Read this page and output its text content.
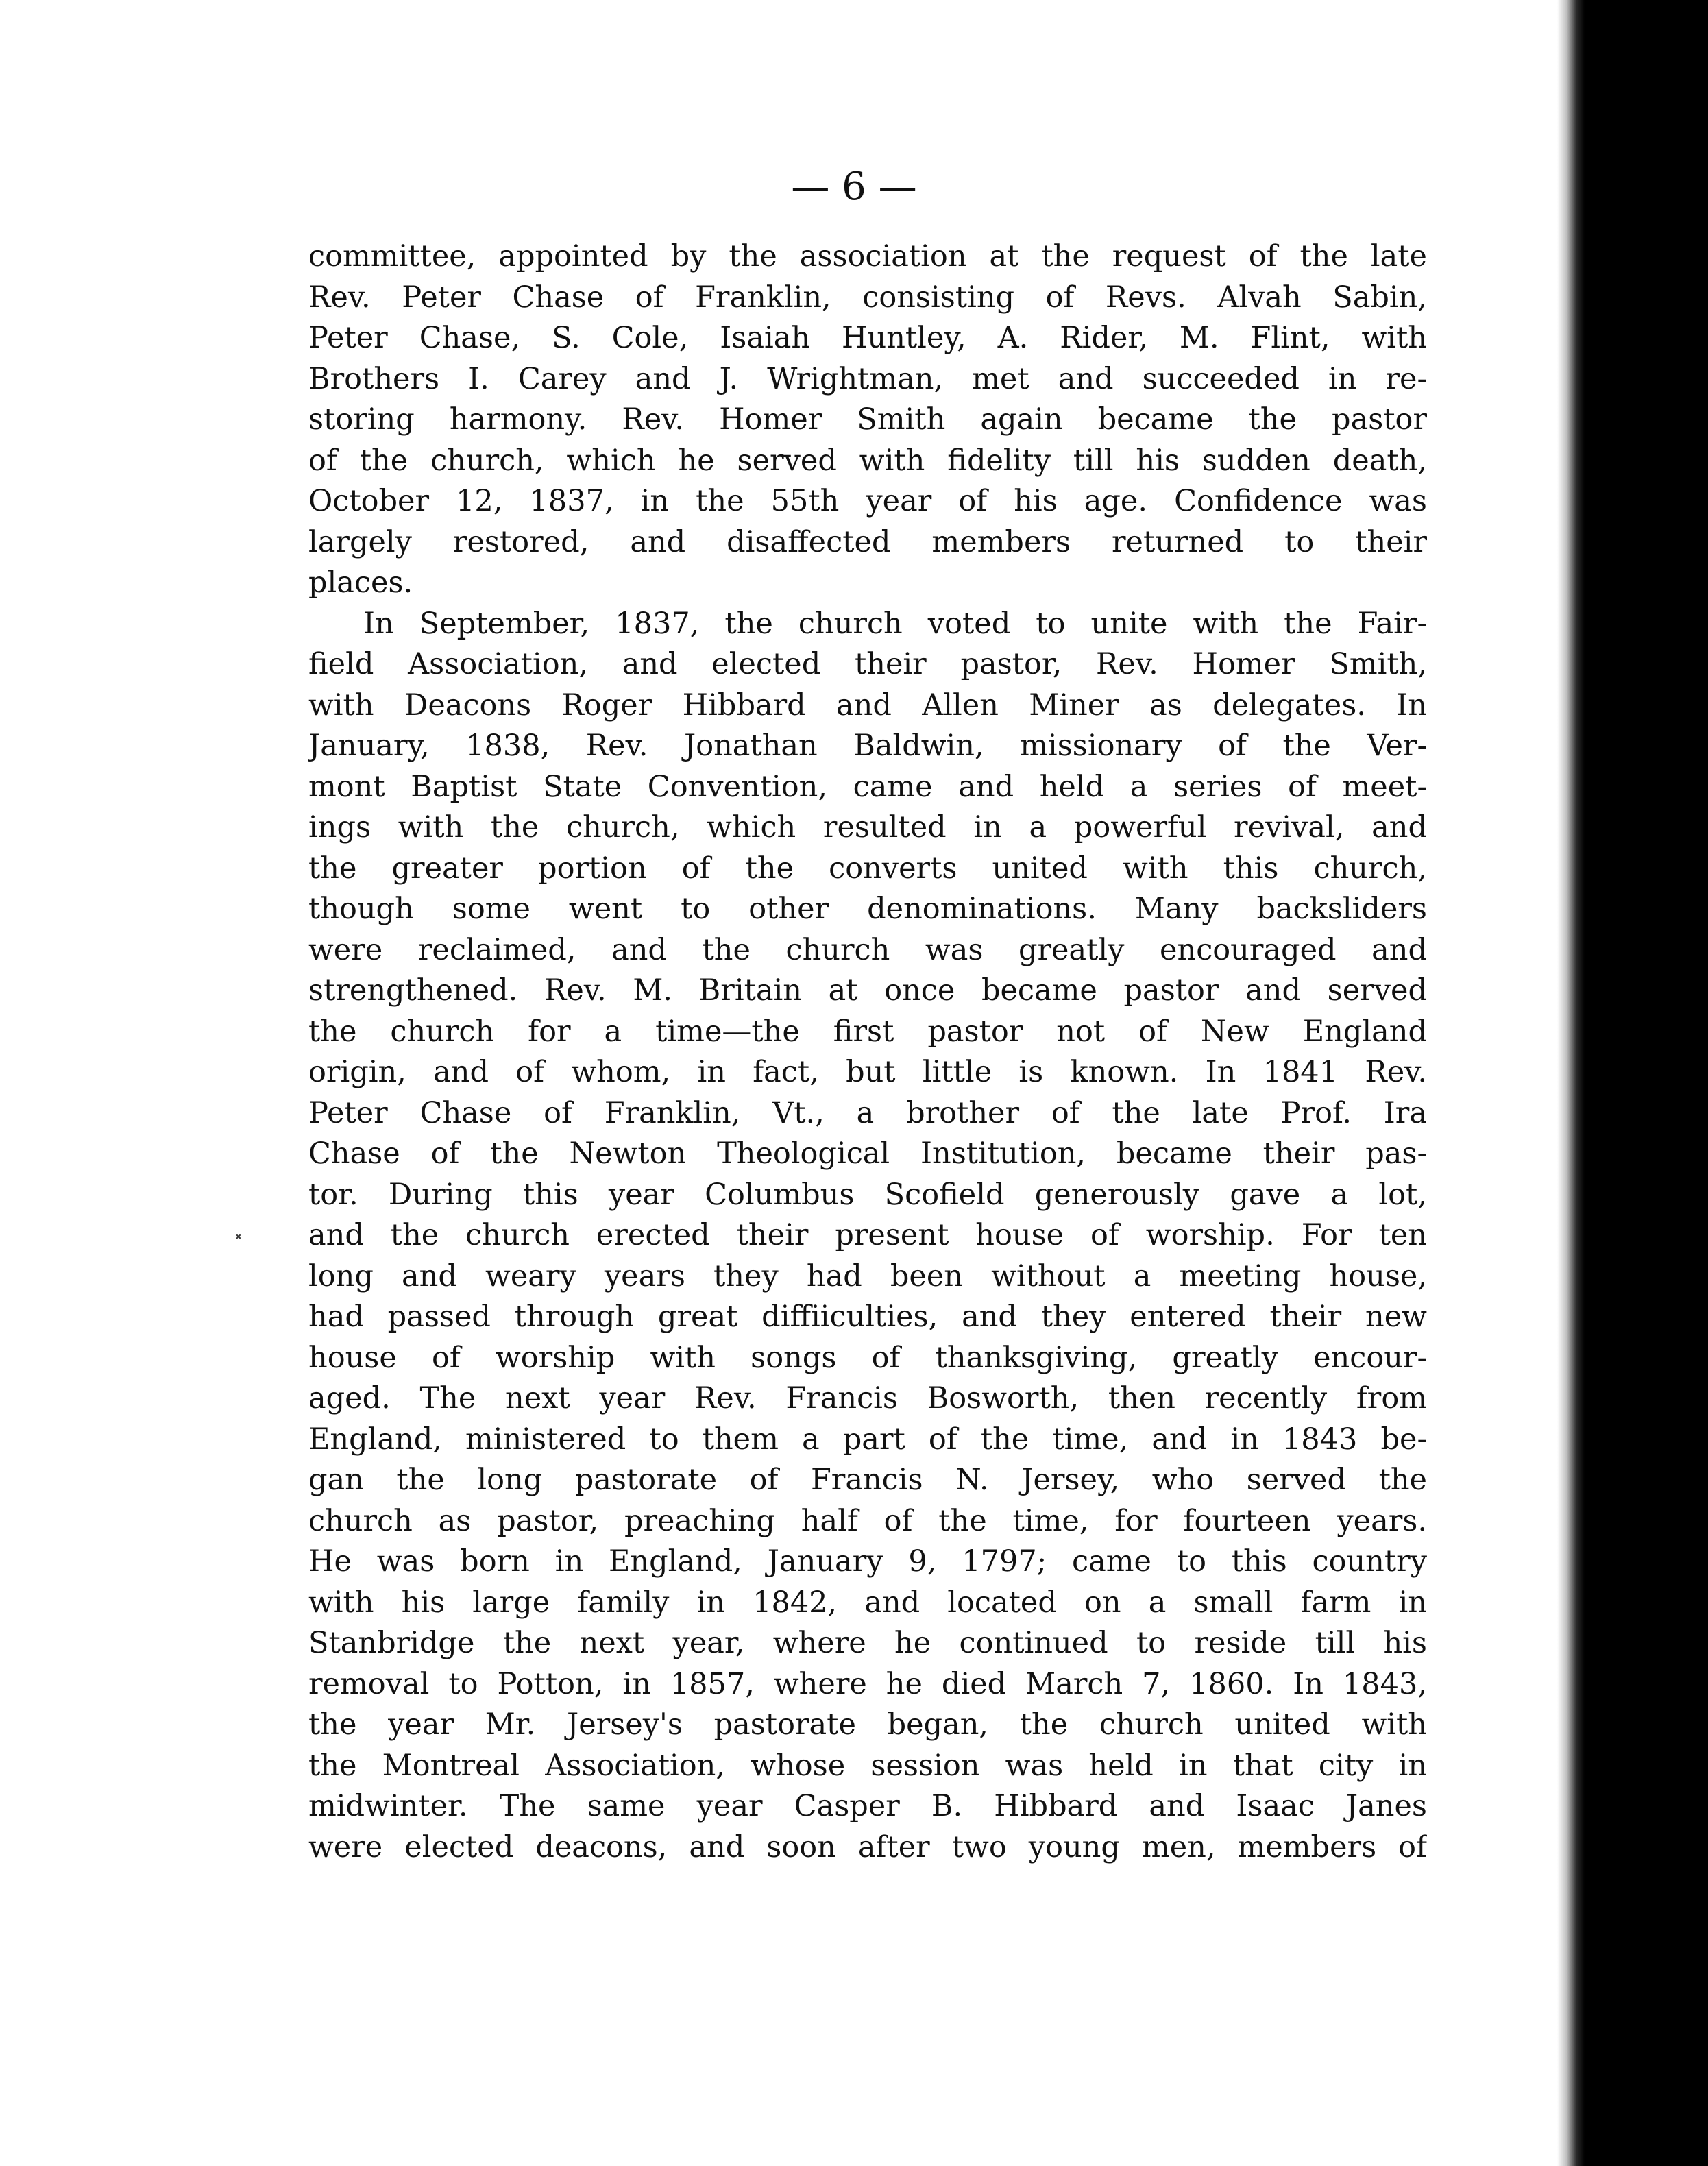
— 6 —
committee, appointed by the association at the request of the late
Rev. Peter Chase of Franklin, consisting of Revs. Alvah Sabin,
Peter Chase, S. Cole, Isaiah Huntley, A. Rider, M. Flint, with
Brothers I. Carey and J. Wrightman, met and succeeded in re-
storing harmony. Rev. Homer Smith again became the pastor
of the church, which he served with fidelity till his sudden death,
October 12, 1837, in the 55th year of his age. Confidence was
largely restored, and disaffected members returned to their
places.
In September, 1837, the church voted to unite with the Fair-
field Association, and elected their pastor, Rev. Homer Smith,
with Deacons Roger Hibbard and Allen Miner as delegates. In
January, 1838, Rev. Jonathan Baldwin, missionary of the Ver-
mont Baptist State Convention, came and held a series of meet-
ings with the church, which resulted in a powerful revival, and
the greater portion of the converts united with this church,
though some went to other denominations. Many backsliders
were reclaimed, and the church was greatly encouraged and
strengthened. Rev. M. Britain at once became pastor and served
the church for a time—the first pastor not of New England
origin, and of whom, in fact, but little is known. In 1841 Rev.
Peter Chase of Franklin, Vt., a brother of the late Prof. Ira
Chase of the Newton Theological Institution, became their pas-
tor. During this year Columbus Scofield generously gave a lot,
and the church erected their present house of worship. For ten
long and weary years they had been without a meeting house,
had passed through great diffiiculties, and they entered their new
house of worship with songs of thanksgiving, greatly encour-
aged. The next year Rev. Francis Bosworth, then recently from
England, ministered to them a part of the time, and in 1843 be-
gan the long pastorate of Francis N. Jersey, who served the
church as pastor, preaching half of the time, for fourteen years.
He was born in England, January 9, 1797; came to this country
with his large family in 1842, and located on a small farm in
Stanbridge the next year, where he continued to reside till his
removal to Potton, in 1857, where he died March 7, 1860. In 1843,
the year Mr. Jersey's pastorate began, the church united with
the Montreal Association, whose session was held in that city in
midwinter. The same year Casper B. Hibbard and Isaac Janes
were elected deacons, and soon after two young men, members of
⸼
